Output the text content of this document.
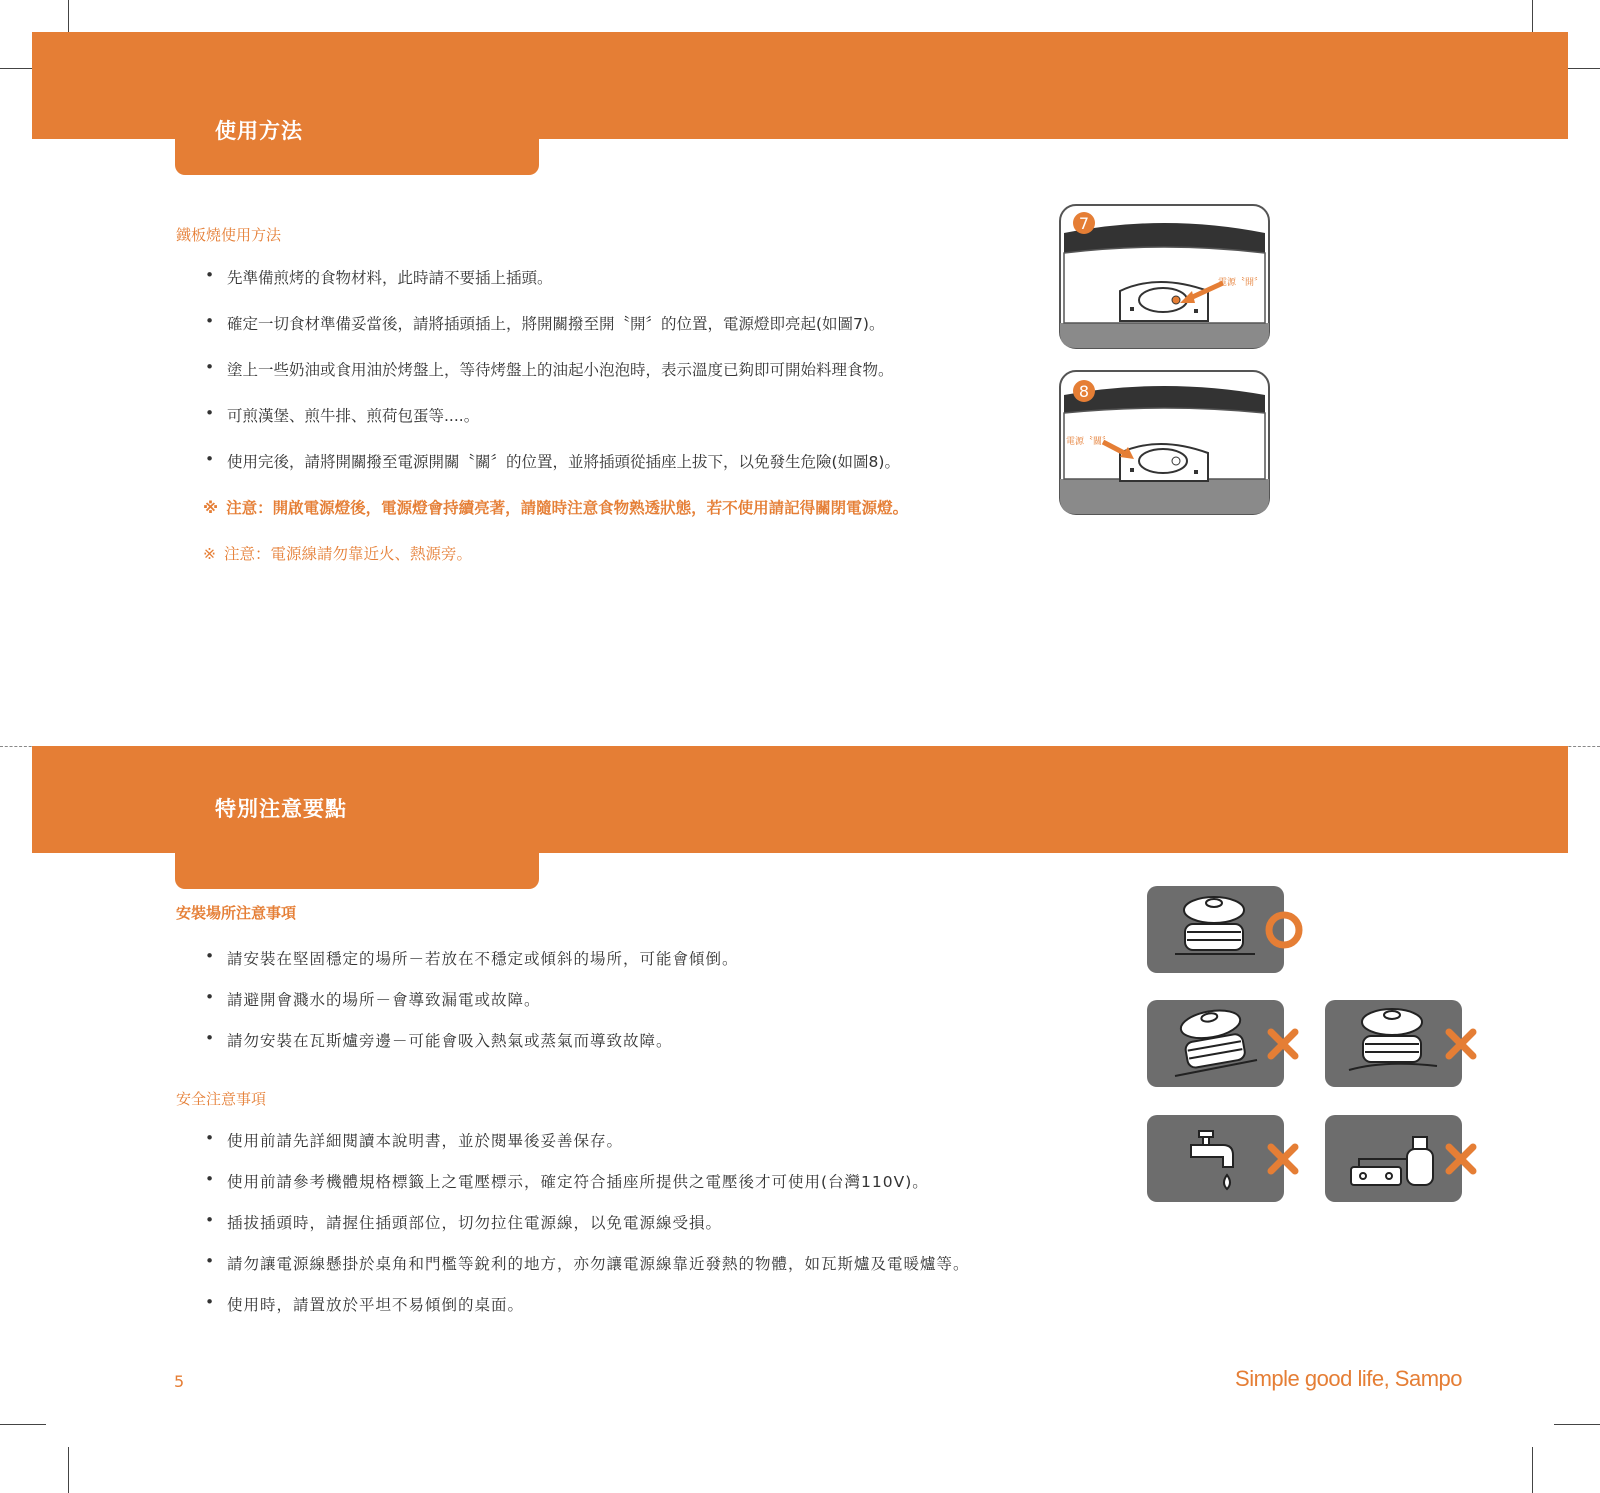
使用方法
鐵板燒使用方法
• 先準備煎烤的食物材料，此時請不要插上插頭。
• 確定一切食材準備妥當後，請將插頭插上，將開關撥至開〝開〞的位置，電源燈即亮起(如圖7)。
• 塗上一些奶油或食用油於烤盤上，等待烤盤上的油起小泡泡時，表示溫度已夠即可開始料理食物。
• 可煎漢堡、煎牛排、煎荷包蛋等....。
• 使用完後，請將開關撥至電源開關〝關〞的位置，並將插頭從插座上拔下，以免發生危險(如圖8)。
※ 注意：開啟電源燈後，電源燈會持續亮著，請隨時注意食物熟透狀態，若不使用請記得關閉電源燈。
※ 注意：電源線請勿靠近火、熱源旁。
7
電源〝開〞
8
電源〝關〞
特別注意要點
安裝場所注意事項
• 請安裝在堅固穩定的場所－若放在不穩定或傾斜的場所，可能會傾倒。
• 請避開會濺水的場所－會導致漏電或故障。
• 請勿安裝在瓦斯爐旁邊－可能會吸入熱氣或蒸氣而導致故障。
安全注意事項
• 使用前請先詳細閱讀本說明書，並於閱畢後妥善保存。
• 使用前請參考機體規格標籤上之電壓標示，確定符合插座所提供之電壓後才可使用(台灣110V)。
• 插拔插頭時，請握住插頭部位，切勿拉住電源線，以免電源線受損。
• 請勿讓電源線懸掛於桌角和門檻等銳利的地方，亦勿讓電源線靠近發熱的物體，如瓦斯爐及電暖爐等。
• 使用時，請置放於平坦不易傾倒的桌面。
5	Simple good life, Sampo
